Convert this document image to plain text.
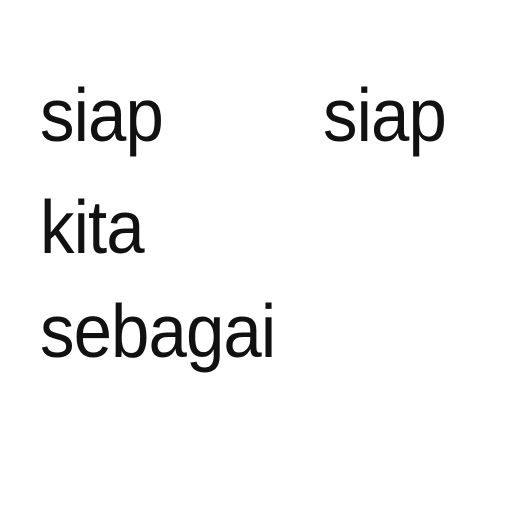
siap siap
kita
sebagai
